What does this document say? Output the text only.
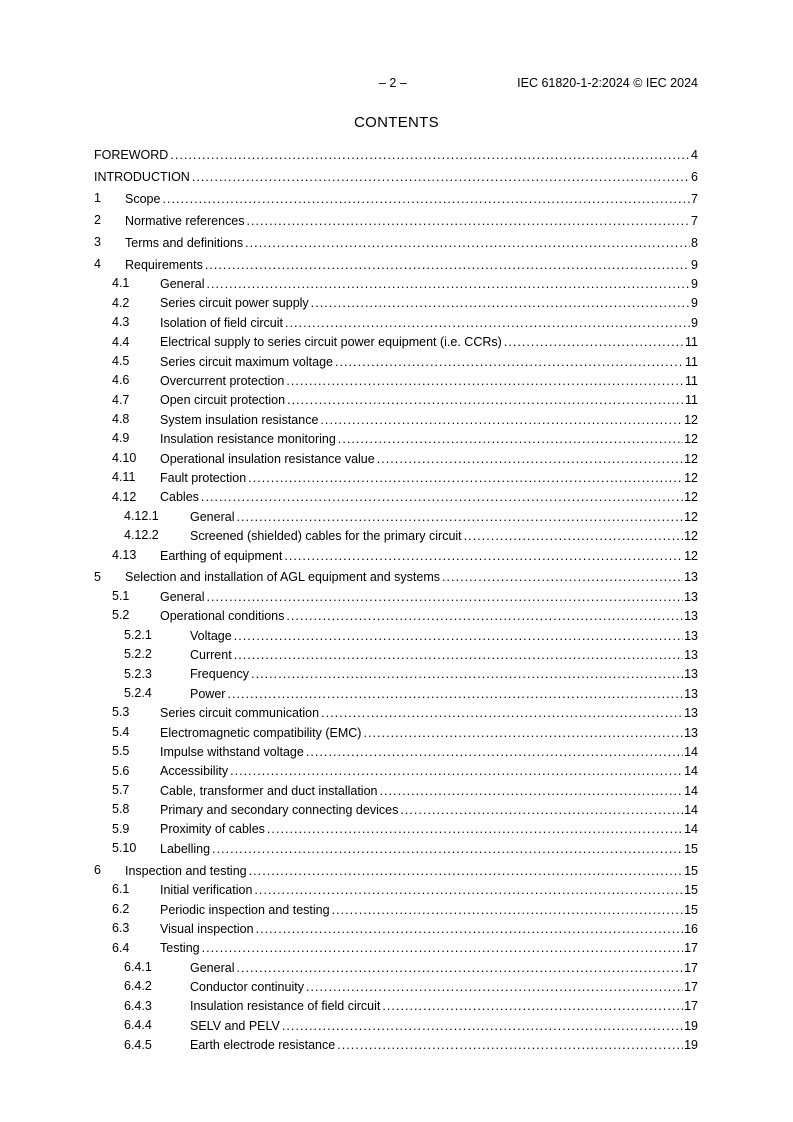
– 2 –	IEC 61820-1-2:2024 © IEC 2024
CONTENTS
FOREWORD .....	4
INTRODUCTION .....	6
1 Scope .....	7
2 Normative references .....	7
3 Terms and definitions .....	8
4 Requirements .....	9
4.1 General .....	9
4.2 Series circuit power supply .....	9
4.3 Isolation of field circuit .....	9
4.4 Electrical supply to series circuit power equipment (i.e. CCRs) .....	11
4.5 Series circuit maximum voltage .....	11
4.6 Overcurrent protection .....	11
4.7 Open circuit protection .....	11
4.8 System insulation resistance .....	12
4.9 Insulation resistance monitoring .....	12
4.10 Operational insulation resistance value .....	12
4.11 Fault protection .....	12
4.12 Cables .....	12
4.12.1 General .....	12
4.12.2 Screened (shielded) cables for the primary circuit .....	12
4.13 Earthing of equipment .....	12
5 Selection and installation of AGL equipment and systems .....	13
5.1 General .....	13
5.2 Operational conditions .....	13
5.2.1	Voltage .....	13
5.2.2	Current .....	13
5.2.3	Frequency .....	13
5.2.4	Power .....	13
5.3 Series circuit communication .....	13
5.4 Electromagnetic compatibility (EMC) .....	13
5.5 Impulse withstand voltage .....	14
5.6 Accessibility .....	14
5.7 Cable, transformer and duct installation .....	14
5.8 Primary and secondary connecting devices .....	14
5.9 Proximity of cables .....	14
5.10 Labelling .....	15
6 Inspection and testing .....	15
6.1 Initial verification .....	15
6.2 Periodic inspection and testing .....	15
6.3 Visual inspection .....	16
6.4 Testing .....	17
6.4.1	General .....	17
6.4.2	Conductor continuity .....	17
6.4.3	Insulation resistance of field circuit .....	17
6.4.4	SELV and PELV .....	19
6.4.5	Earth electrode resistance .....	19
